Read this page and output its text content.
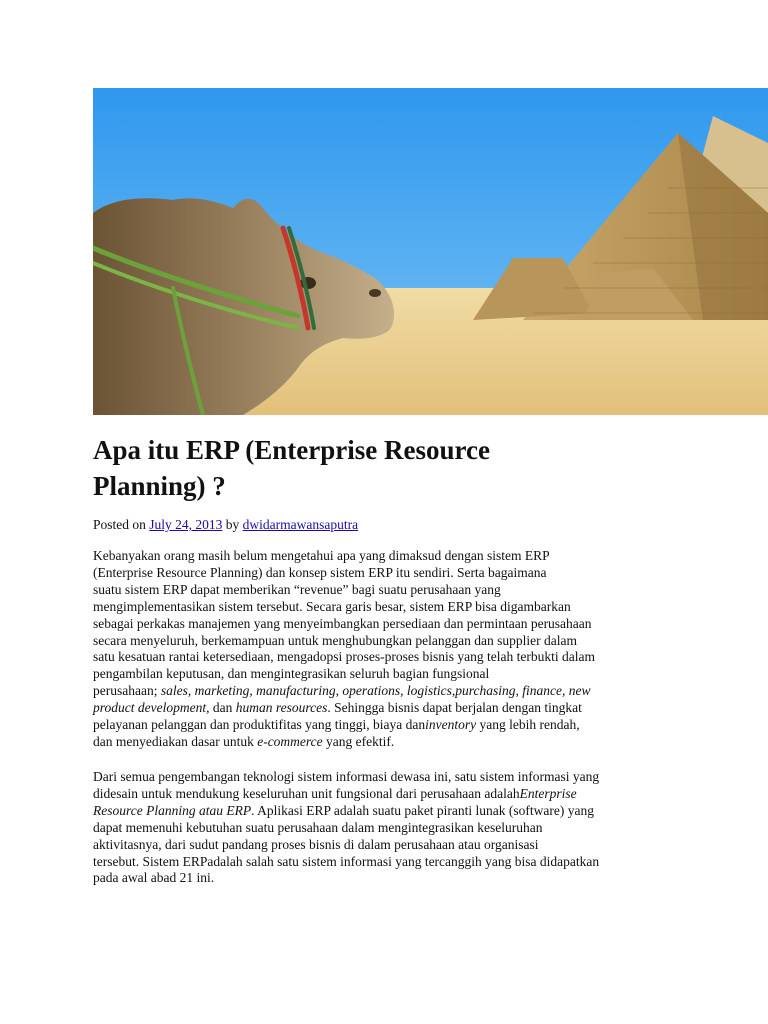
Apa itu ERP (Enterprise Resource
Planning) ?
Posted on July 24, 2013 by dwidarmawansaputra
Kebanyakan orang masih belum mengetahui apa yang dimaksud dengan sistem ERP
(Enterprise Resource Planning) dan konsep sistem ERP itu sendiri. Serta bagaimana
suatu sistem ERP dapat memberikan “revenue” bagi suatu perusahaan yang
mengimplementasikan sistem tersebut. Secara garis besar, sistem ERP bisa digambarkan
sebagai perkakas manajemen yang menyeimbangkan persediaan dan permintaan perusahaan
secara menyeluruh, berkemampuan untuk menghubungkan pelanggan dan supplier dalam
satu kesatuan rantai ketersediaan, mengadopsi proses-proses bisnis yang telah terbukti dalam
pengambilan keputusan, dan mengintegrasikan seluruh bagian fungsional
perusahaan; sales, marketing, manufacturing, operations, logistics,purchasing, finance, new
product development, dan human resources. Sehingga bisnis dapat berjalan dengan tingkat
pelayanan pelanggan dan produktifitas yang tinggi, biaya daninventory yang lebih rendah,
dan menyediakan dasar untuk e-commerce yang efektif.
Dari semua pengembangan teknologi sistem informasi dewasa ini, satu sistem informasi yang
didesain untuk mendukung keseluruhan unit fungsional dari perusahaan adalahEnterprise
Resource Planning atau ERP. Aplikasi ERP adalah suatu paket piranti lunak (software) yang
dapat memenuhi kebutuhan suatu perusahaan dalam mengintegrasikan keseluruhan
aktivitasnya, dari sudut pandang proses bisnis di dalam perusahaan atau organisasi
tersebut. Sistem ERPadalah salah satu sistem informasi yang tercanggih yang bisa didapatkan
pada awal abad 21 ini.
